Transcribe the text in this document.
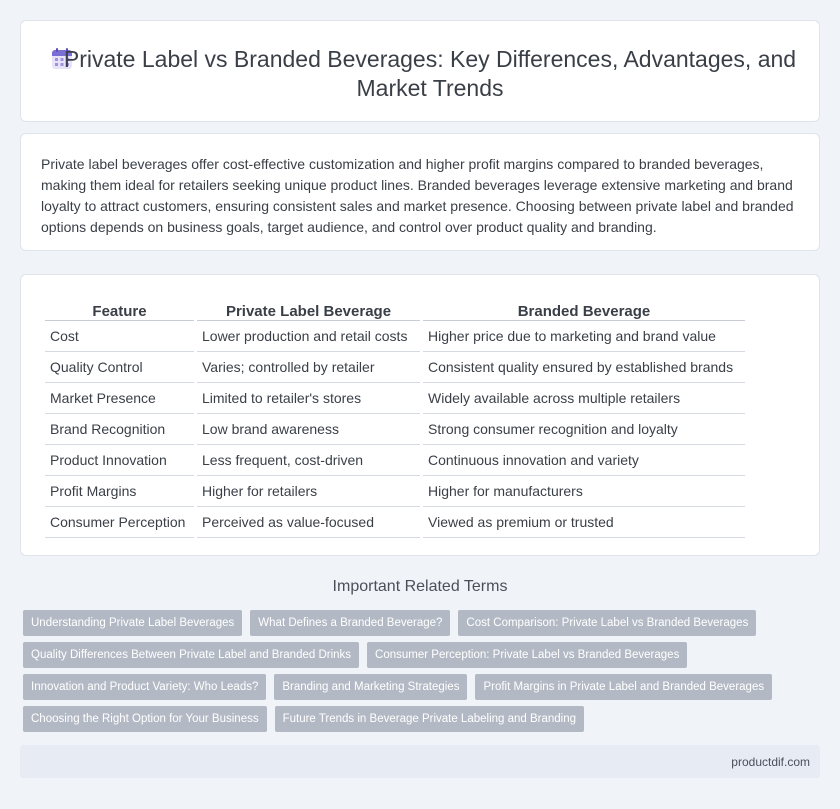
Private Label vs Branded Beverages: Key Differences, Advantages, and Market Trends

Private label beverages offer cost-effective customization and higher profit margins compared to branded beverages, making them ideal for retailers seeking unique product lines. Branded beverages leverage extensive marketing and brand loyalty to attract customers, ensuring consistent sales and market presence. Choosing between private label and branded options depends on business goals, target audience, and control over product quality and branding.

Feature	Private Label Beverage	Branded Beverage
Cost	Lower production and retail costs	Higher price due to marketing and brand value
Quality Control	Varies; controlled by retailer	Consistent quality ensured by established brands
Market Presence	Limited to retailer's stores	Widely available across multiple retailers
Brand Recognition	Low brand awareness	Strong consumer recognition and loyalty
Product Innovation	Less frequent, cost-driven	Continuous innovation and variety
Profit Margins	Higher for retailers	Higher for manufacturers
Consumer Perception	Perceived as value-focused	Viewed as premium or trusted
Important Related Terms
Understanding Private Label Beverages	What Defines a Branded Beverage?	Cost Comparison: Private Label vs Branded Beverages
Quality Differences Between Private Label and Branded Drinks	Consumer Perception: Private Label vs Branded Beverages
Innovation and Product Variety: Who Leads?	Branding and Marketing Strategies	Profit Margins in Private Label and Branded Beverages
Choosing the Right Option for Your Business	Future Trends in Beverage Private Labeling and Branding
productdif.com
